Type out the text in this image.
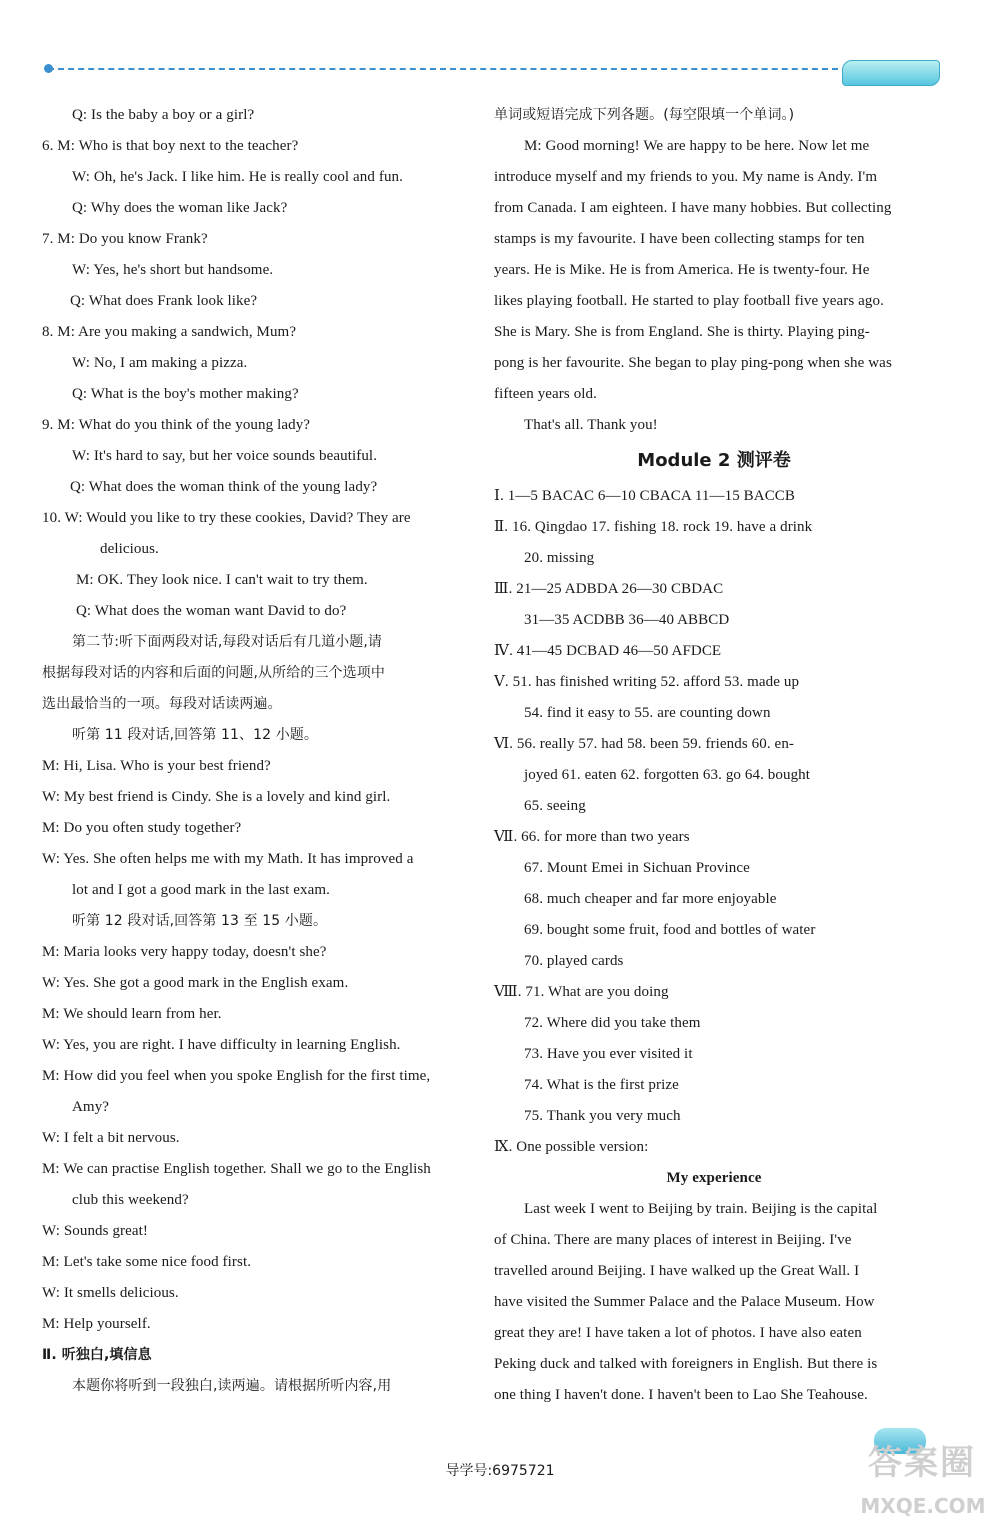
Q: Is the baby a boy or a girl?
6. M: Who is that boy next to the teacher?
W: Oh, he's Jack. I like him. He is really cool and fun.
Q: Why does the woman like Jack?
7. M: Do you know Frank?
W: Yes, he's short but handsome.
Q: What does Frank look like?
8. M: Are you making a sandwich, Mum?
W: No, I am making a pizza.
Q: What is the boy's mother making?
9. M: What do you think of the young lady?
W: It's hard to say, but her voice sounds beautiful.
Q: What does the woman think of the young lady?
10. W: Would you like to try these cookies, David? They are
delicious.
M: OK. They look nice. I can't wait to try them.
Q: What does the woman want David to do?
第二节:听下面两段对话,每段对话后有几道小题,请
根据每段对话的内容和后面的问题,从所给的三个选项中
选出最恰当的一项。每段对话读两遍。
听第 11 段对话,回答第 11、12 小题。
M: Hi, Lisa. Who is your best friend?
W: My best friend is Cindy. She is a lovely and kind girl.
M: Do you often study together?
W: Yes. She often helps me with my Math. It has improved a
lot and I got a good mark in the last exam.
听第 12 段对话,回答第 13 至 15 小题。
M: Maria looks very happy today, doesn't she?
W: Yes. She got a good mark in the English exam.
M: We should learn from her.
W: Yes, you are right. I have difficulty in learning English.
M: How did you feel when you spoke English for the first time,
Amy?
W: I felt a bit nervous.
M: We can practise English together. Shall we go to the English
club this weekend?
W: Sounds great!
M: Let's take some nice food first.
W: It smells delicious.
M: Help yourself.
Ⅱ. 听独白,填信息
本题你将听到一段独白,读两遍。请根据所听内容,用
单词或短语完成下列各题。(每空限填一个单词。)
M: Good morning! We are happy to be here. Now let me
introduce myself and my friends to you. My name is Andy. I'm
from Canada. I am eighteen. I have many hobbies. But collecting
stamps is my favourite. I have been collecting stamps for ten
years. He is Mike. He is from America. He is twenty-four. He
likes playing football. He started to play football five years ago.
She is Mary. She is from England. She is thirty. Playing ping-
pong is her favourite. She began to play ping-pong when she was
fifteen years old.
That's all. Thank you!
Module 2 测评卷
Ⅰ. 1—5 BACAC 6—10 CBACA 11—15 BACCB
Ⅱ. 16. Qingdao 17. fishing 18. rock 19. have a drink
20. missing
Ⅲ. 21—25 ADBDA 26—30 CBDAC
31—35 ACDBB 36—40 ABBCD
Ⅳ. 41—45 DCBAD 46—50 AFDCE
Ⅴ. 51. has finished writing 52. afford 53. made up
54. find it easy to 55. are counting down
Ⅵ. 56. really 57. had 58. been 59. friends 60. en-
joyed 61. eaten 62. forgotten 63. go 64. bought
65. seeing
Ⅶ. 66. for more than two years
67. Mount Emei in Sichuan Province
68. much cheaper and far more enjoyable
69. bought some fruit, food and bottles of water
70. played cards
Ⅷ. 71. What are you doing
72. Where did you take them
73. Have you ever visited it
74. What is the first prize
75. Thank you very much
Ⅸ. One possible version:
My experience
Last week I went to Beijing by train. Beijing is the capital
of China. There are many places of interest in Beijing. I've
travelled around Beijing. I have walked up the Great Wall. I
have visited the Summer Palace and the Palace Museum. How
great they are! I have taken a lot of photos. I have also eaten
Peking duck and talked with foreigners in English. But there is
one thing I haven't done. I haven't been to Lao She Teahouse.
答案圈
MXQE.COM
导学号:6975721
